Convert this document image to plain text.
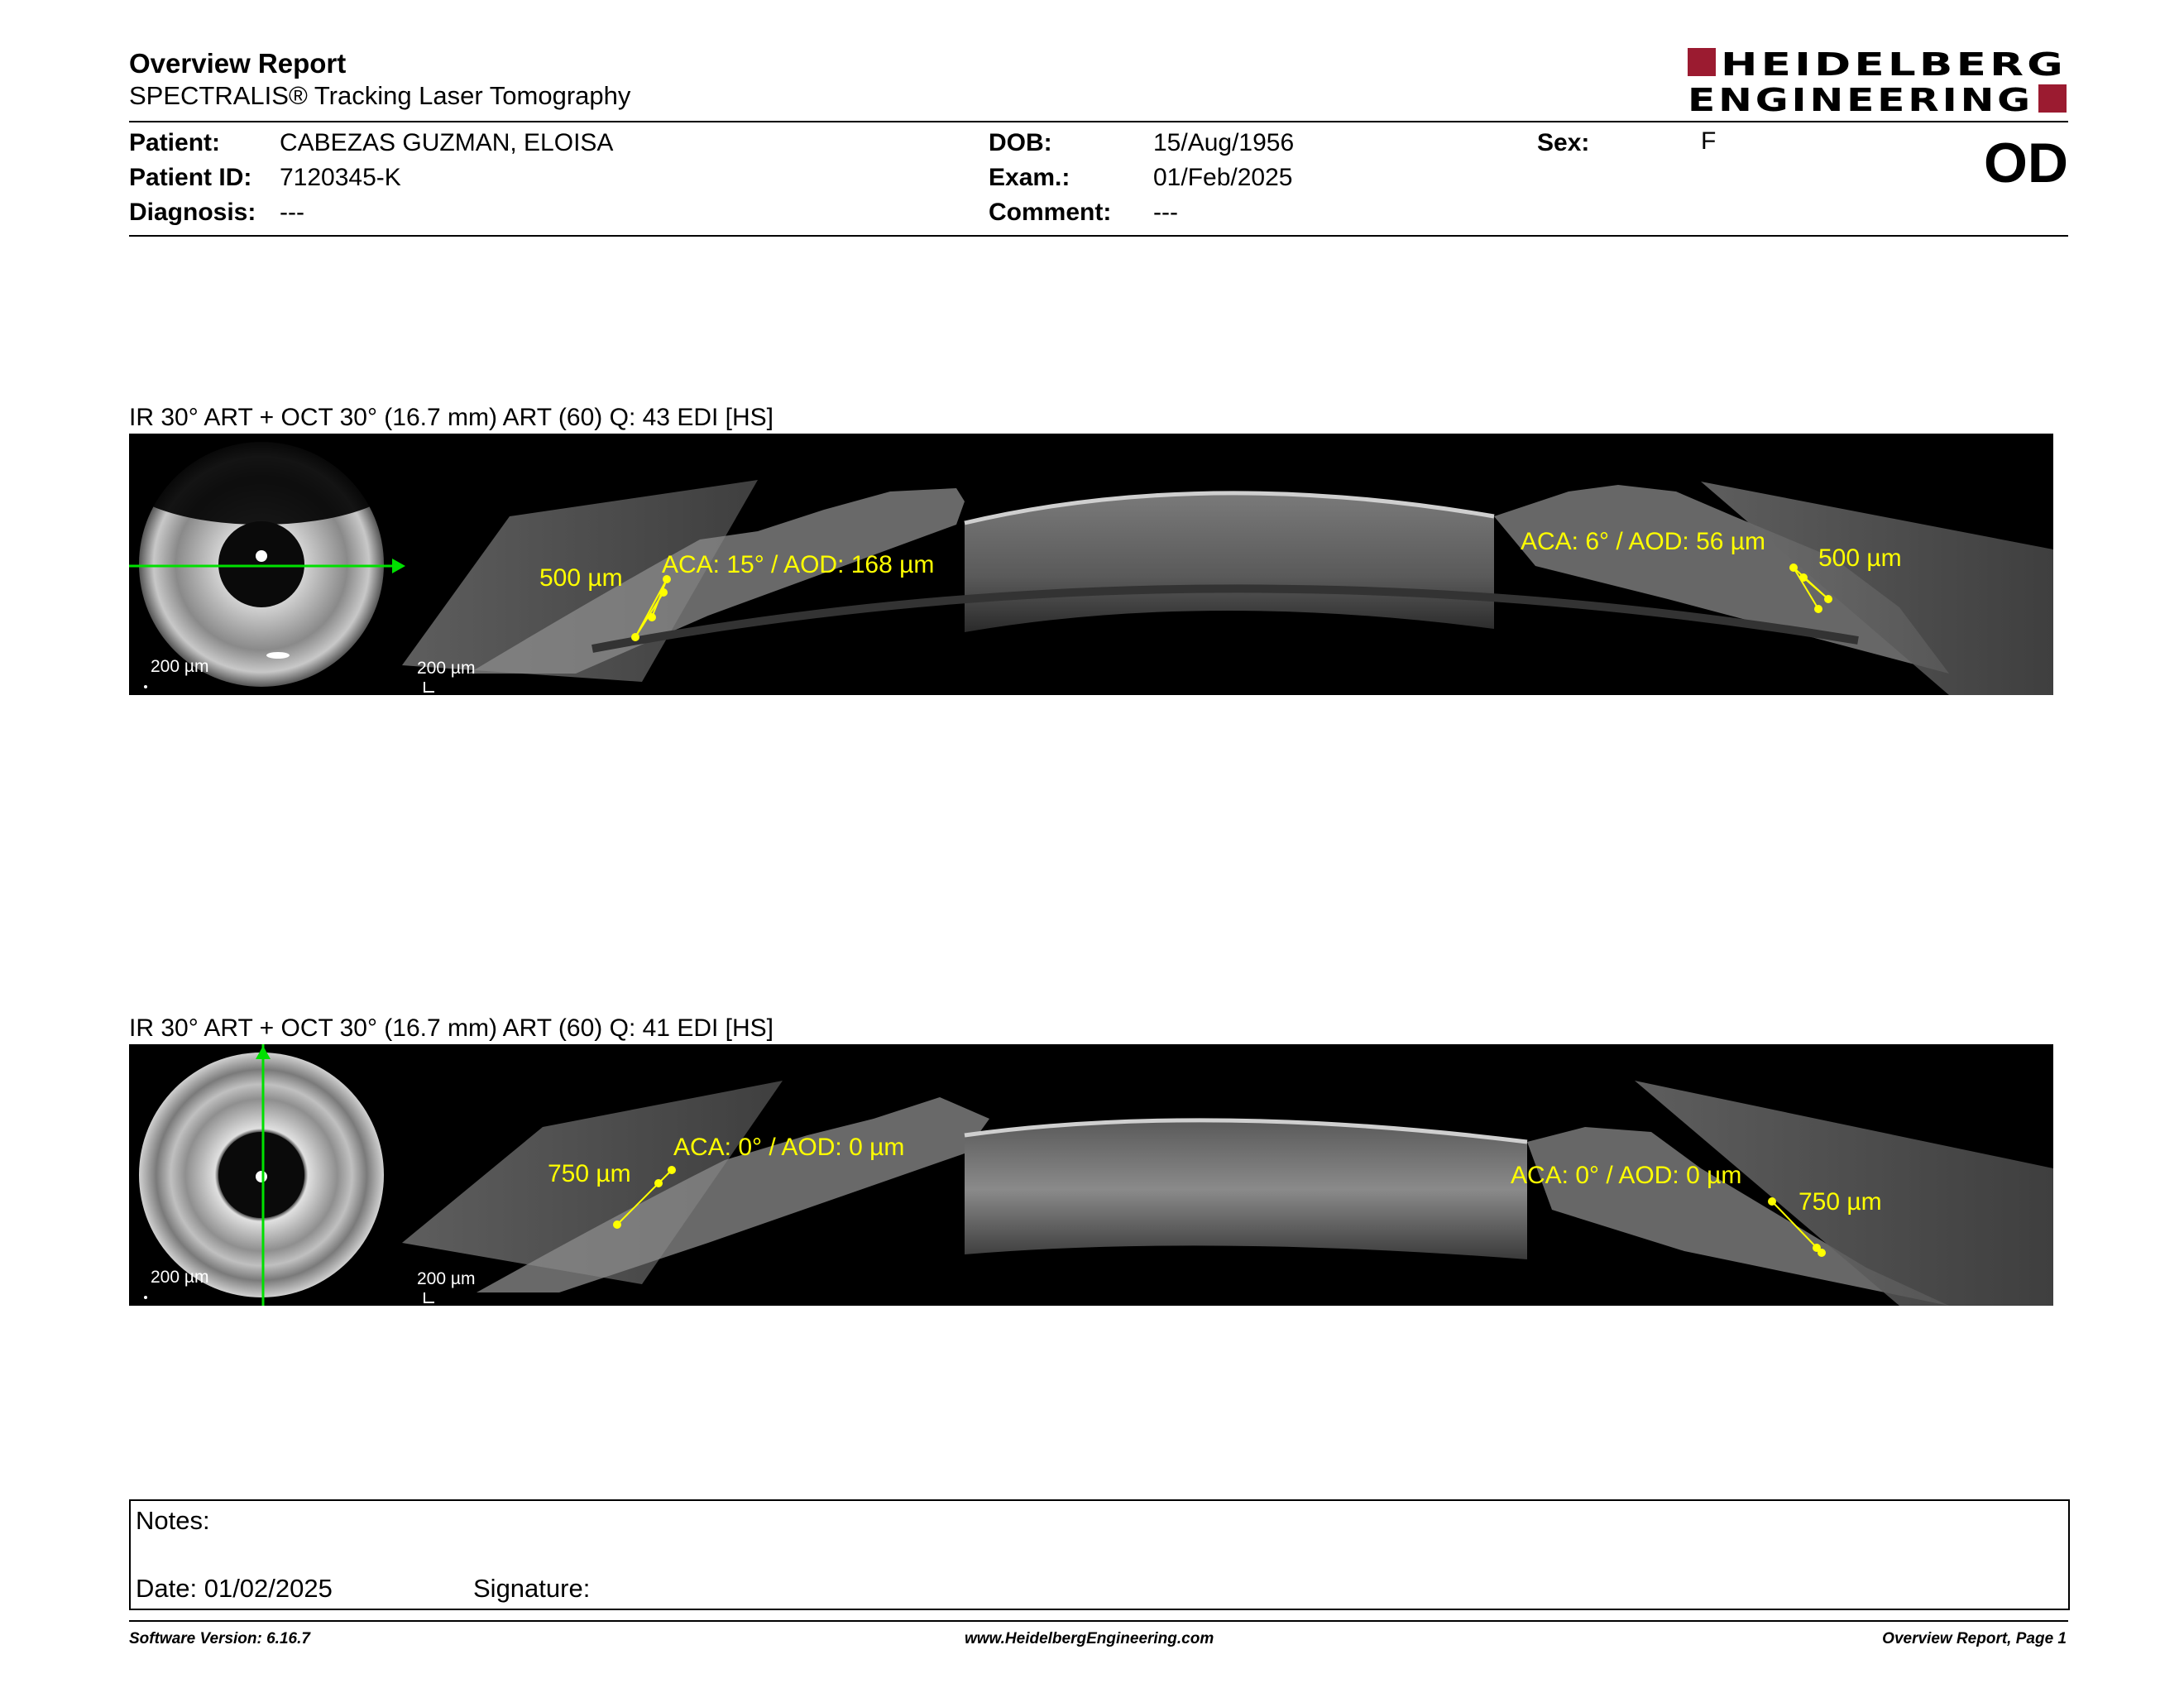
Overview Report
SPECTRALIS® Tracking Laser Tomography
HEIDELBERG
ENGINEERING
Patient: CABEZAS GUZMAN, ELOISA
Patient ID: 7120345-K
Diagnosis: ---
DOB:	15/Aug/1956
Exam.:	01/Feb/2025
Comment: ---
Sex:	F	OD
IR 30° ART + OCT 30° (16.7 mm) ART (60) Q: 43 EDI [HS]
200 µm	200 µm
ACA: 15° / AOD: 168 µm
500 µm
ACA: 6° / AOD: 56 µm
500 µm
IR 30° ART + OCT 30° (16.7 mm) ART (60) Q: 41 EDI [HS]
200 µm	200 µm
ACA: 0° / AOD: 0 µm
750 µm	ACA: 0° / AOD: 0 µm
750 µm
Notes:
Date: 01/02/2025	Signature:
Software Version: 6.16.7	www.HeidelbergEngineering.com	Overview Report, Page 1
